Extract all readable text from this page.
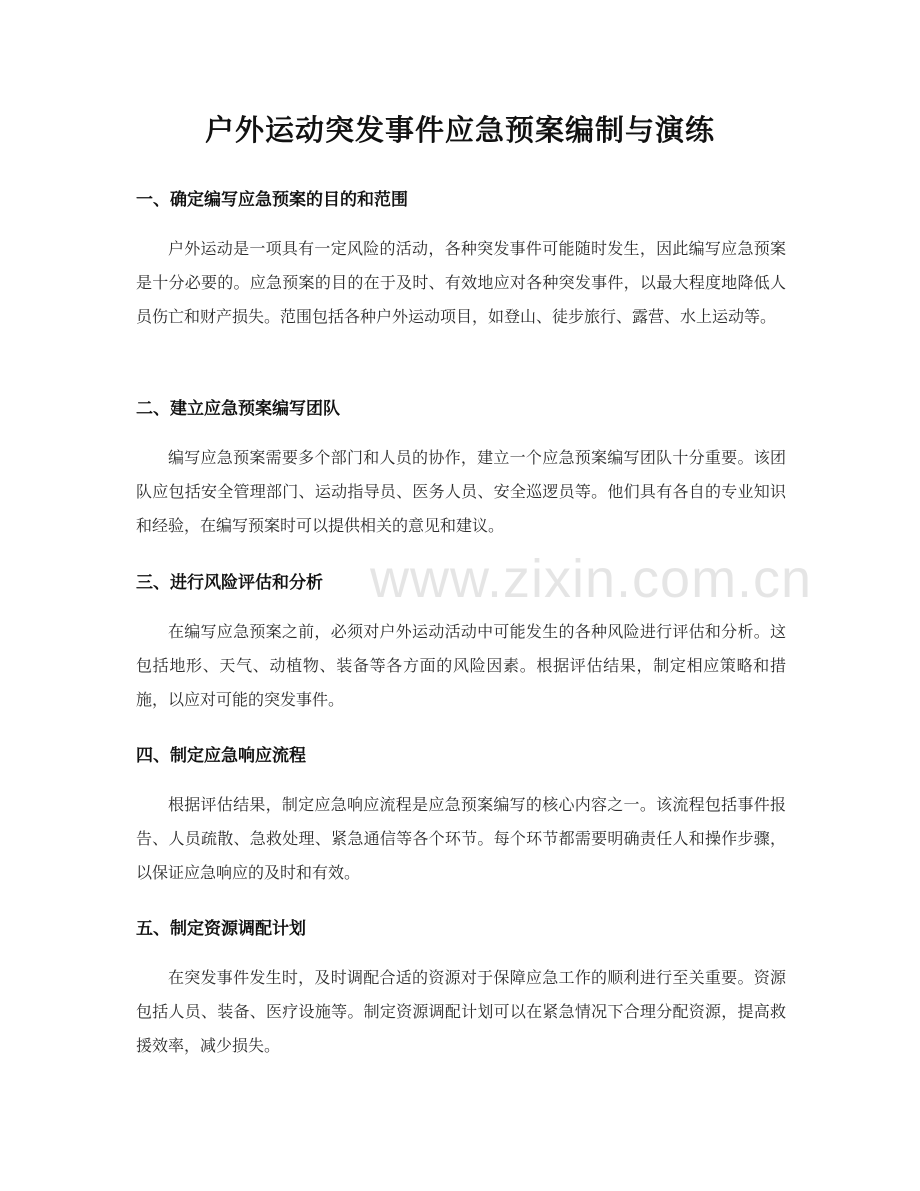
户外运动突发事件应急预案编制与演练
一、确定编写应急预案的目的和范围

户外运动是一项具有一定风险的活动，各种突发事件可能随时发生，因此编写应急预案是十分必要的。应急预案的目的在于及时、有效地应对各种突发事件，以最大程度地降低人员伤亡和财产损失。范围包括各种户外运动项目，如登山、徒步旅行、露营、水上运动等。

二、建立应急预案编写团队

编写应急预案需要多个部门和人员的协作，建立一个应急预案编写团队十分重要。该团队应包括安全管理部门、运动指导员、医务人员、安全巡逻员等。他们具有各自的专业知识和经验，在编写预案时可以提供相关的意见和建议。

三、进行风险评估和分析

在编写应急预案之前，必须对户外运动活动中可能发生的各种风险进行评估和分析。这包括地形、天气、动植物、装备等各方面的风险因素。根据评估结果，制定相应策略和措施，以应对可能的突发事件。

四、制定应急响应流程

根据评估结果，制定应急响应流程是应急预案编写的核心内容之一。该流程包括事件报告、人员疏散、急救处理、紧急通信等各个环节。每个环节都需要明确责任人和操作步骤，以保证应急响应的及时和有效。

五、制定资源调配计划

在突发事件发生时，及时调配合适的资源对于保障应急工作的顺利进行至关重要。资源包括人员、装备、医疗设施等。制定资源调配计划可以在紧急情况下合理分配资源，提高救援效率，减少损失。

www.zixin.com.cn
